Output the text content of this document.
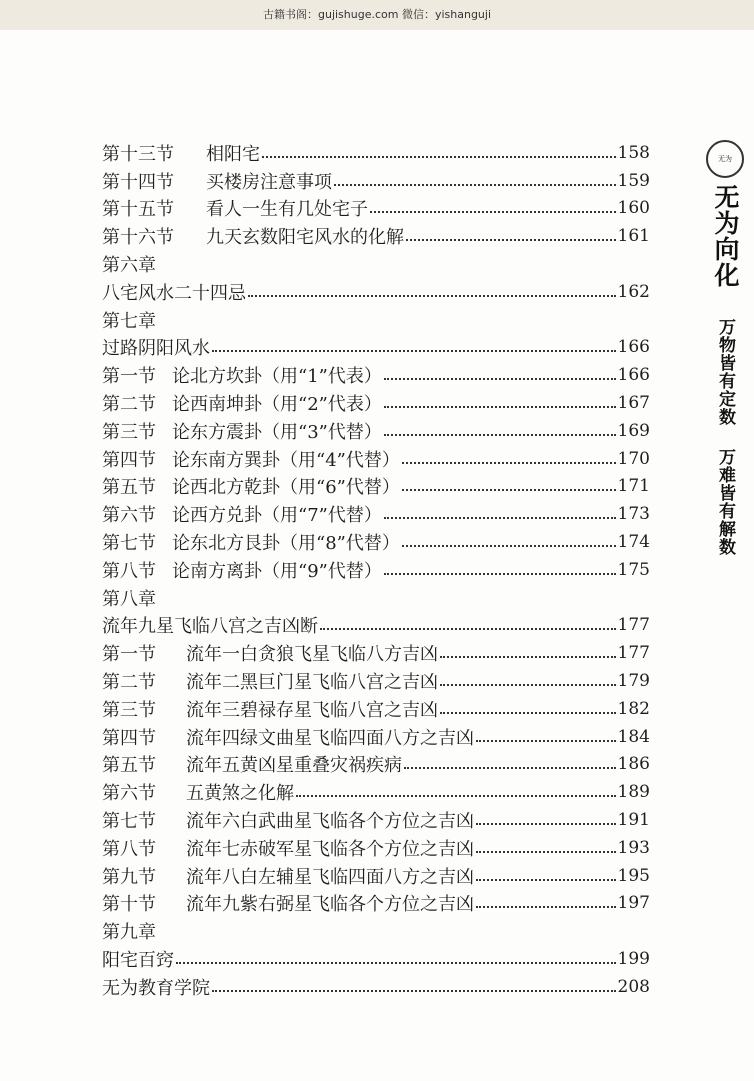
古籍书阁：gujishuge.com 微信：yishanguji
第十三节	相阳宅	158
第十四节	买楼房注意事项	159
第十五节	看人一生有几处宅子	160
第十六节	九天玄数阳宅风水的化解	161
第六章
八宅风水二十四忌	162
第七章
过路阴阳风水	166
第一节 论北方坎卦（用“1”代表）	166
第二节 论西南坤卦（用“2”代表）	167
第三节 论东方震卦（用“3”代替）	169
第四节 论东南方巽卦（用“4”代替）	170
第五节 论西北方乾卦（用“6”代替）	171
第六节 论西方兑卦（用“7”代替）	173
第七节 论东北方艮卦（用“8”代替）	174
第八节 论南方离卦（用“9”代替）	175
第八章
流年九星飞临八宫之吉凶断	177
第一节	流年一白贪狼飞星飞临八方吉凶	177
第二节	流年二黑巨门星飞临八宫之吉凶	179
第三节	流年三碧禄存星飞临八宫之吉凶	182
第四节	流年四绿文曲星飞临四面八方之吉凶	184
第五节	流年五黄凶星重叠灾祸疾病	186
第六节	五黄煞之化解	189
第七节	流年六白武曲星飞临各个方位之吉凶	191
第八节	流年七赤破军星飞临各个方位之吉凶	193
第九节	流年八白左辅星飞临四面八方之吉凶	195
第十节	流年九紫右弼星飞临各个方位之吉凶	197
第九章
阳宅百窍	199
无为教育学院	208
无为
无为向化
万物皆有定数
万难皆有解数
